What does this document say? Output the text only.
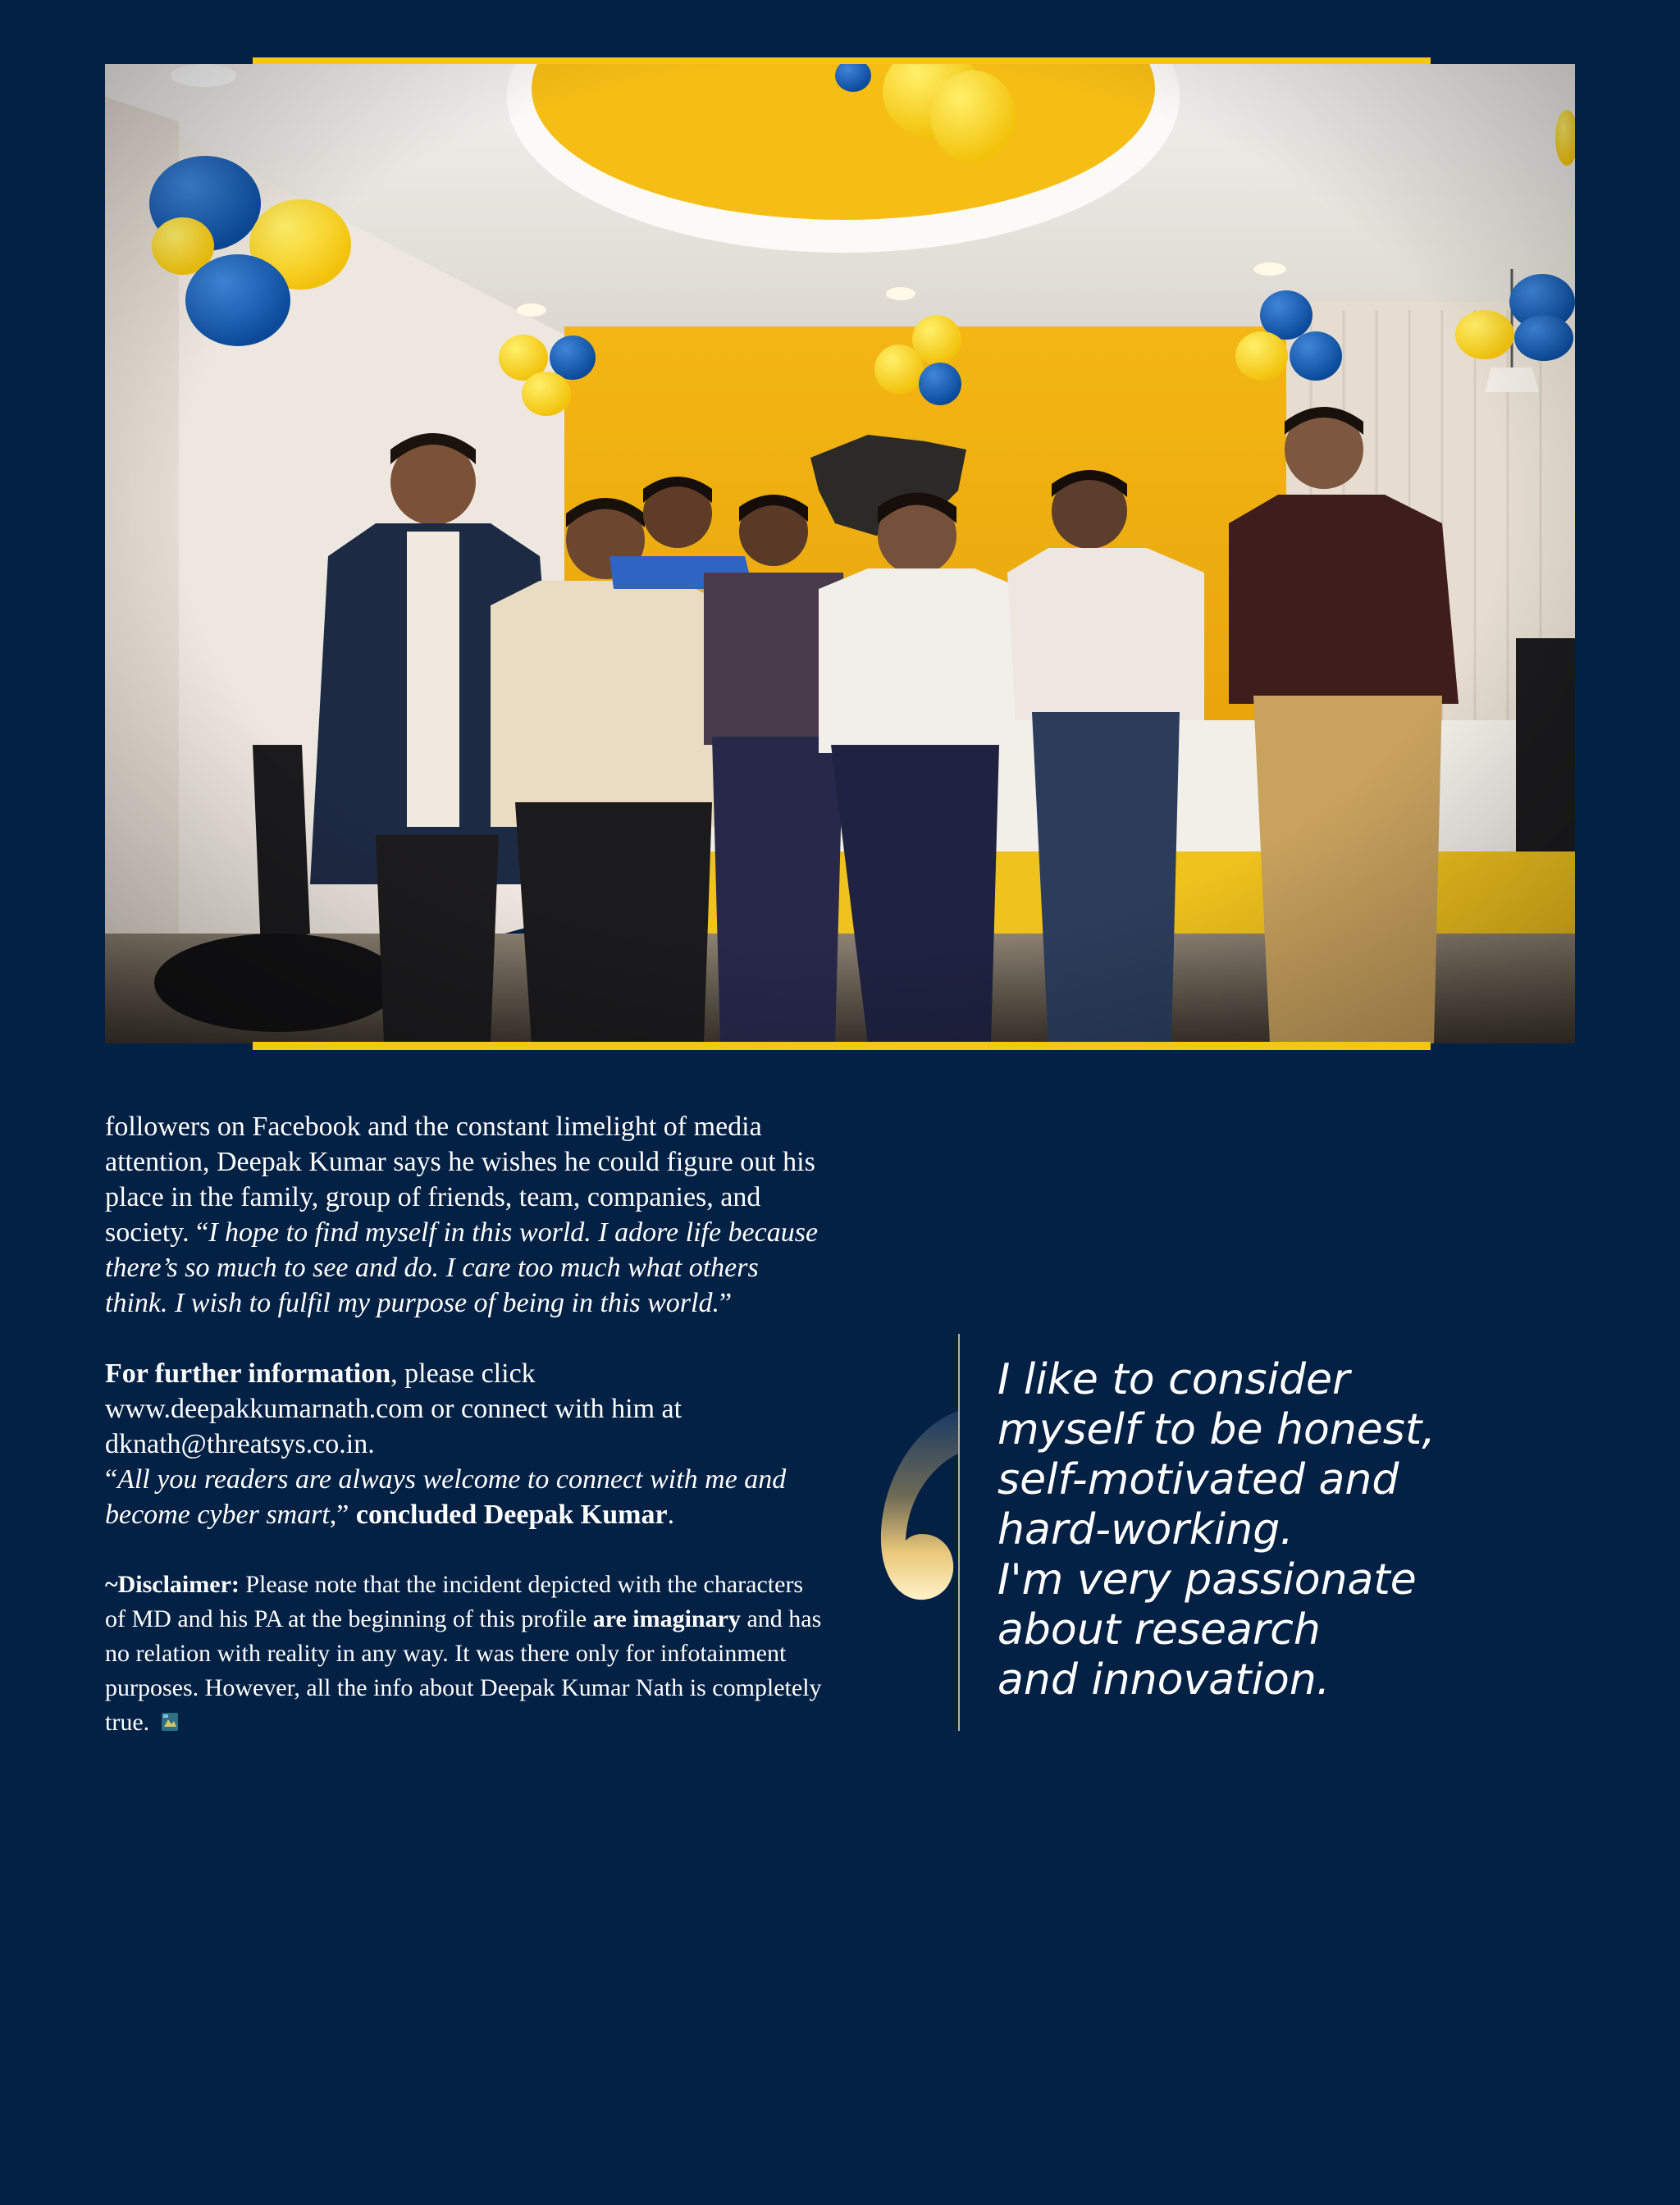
followers on Facebook and the constant limelight of media attention, Deepak Kumar says he wishes he could figure out his place in the family, group of friends, team, companies, and society. “I hope to find myself in this world. I adore life because there’s so much to see and do. I care too much what others think. I wish to fulfil my purpose of being in this world.”

For further information, please click www.deepakkumarnath.com or connect with him at dknath@threatsys.co.in.
“All you readers are always welcome to connect with me and become cyber smart,” concluded Deepak Kumar.

~Disclaimer: Please note that the incident depicted with the characters of MD and his PA at the beginning of this profile are imaginary and has no relation with reality in any way. It was there only for infotainment purposes. However, all the info about Deepak Kumar Nath is completely true.

I like to consider
myself to be honest,
self-motivated and
hard-working.
I'm very passionate
about research
and innovation.
